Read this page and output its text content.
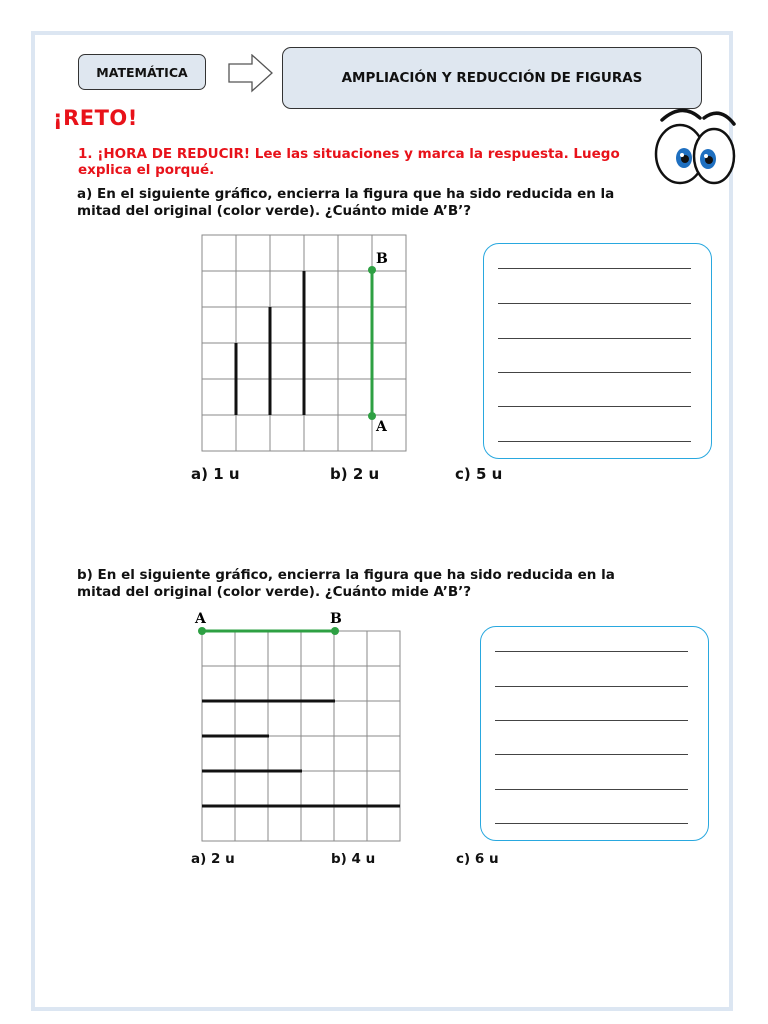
MATEMÁTICA	AMPLIACIÓN Y REDUCCIÓN DE FIGURAS
¡RETO!
1. ¡HORA DE REDUCIR! Lee las situaciones y marca la respuesta. Luego
explica el porqué.
a) En el siguiente gráfico, encierra la figura que ha sido reducida en la
mitad del original (color verde). ¿Cuánto mide A’B’?
B
A
a) 1 u	b) 2 u	c) 5 u
b) En el siguiente gráfico, encierra la figura que ha sido reducida en la
mitad del original (color verde). ¿Cuánto mide A’B’?
A	B
a) 2 u	b) 4 u	c) 6 u
